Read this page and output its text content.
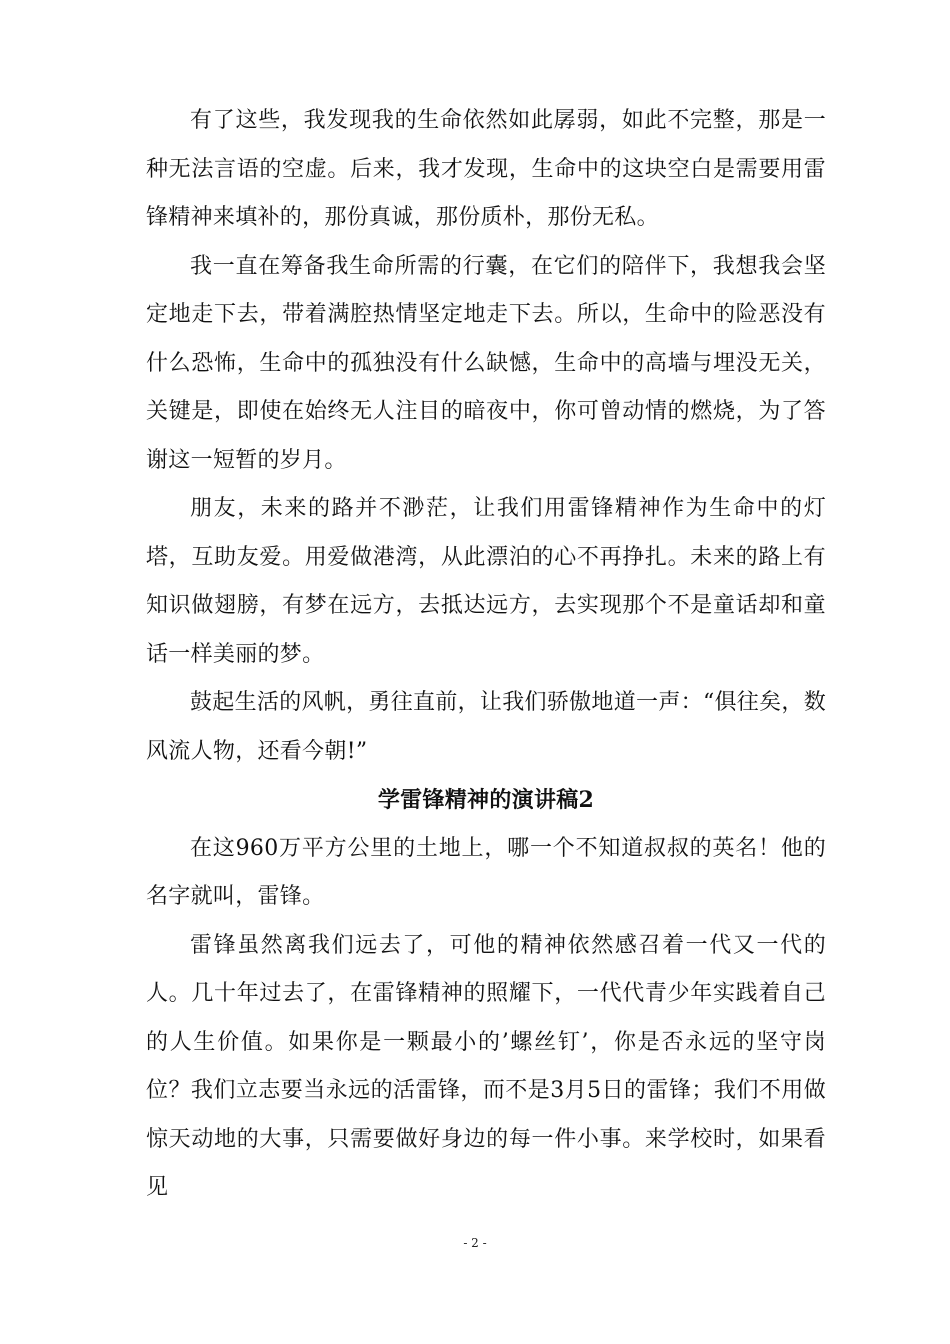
有了这些，我发现我的生命依然如此孱弱，如此不完整，那是一种无法言语的空虚。后来，我才发现，生命中的这块空白是需要用雷锋精神来填补的，那份真诚，那份质朴，那份无私。

我一直在筹备我生命所需的行囊，在它们的陪伴下，我想我会坚定地走下去，带着满腔热情坚定地走下去。所以，生命中的险恶没有什么恐怖，生命中的孤独没有什么缺憾，生命中的高墙与埋没无关，关键是，即使在始终无人注目的暗夜中，你可曾动情的燃烧，为了答谢这一短暂的岁月。

朋友，未来的路并不渺茫，让我们用雷锋精神作为生命中的灯塔，互助友爱。用爱做港湾，从此漂泊的心不再挣扎。未来的路上有知识做翅膀，有梦在远方，去抵达远方，去实现那个不是童话却和童话一样美丽的梦。

鼓起生活的风帆，勇往直前，让我们骄傲地道一声：“俱往矣，数风流人物，还看今朝!”

学雷锋精神的演讲稿2

在这960万平方公里的土地上，哪一个不知道叔叔的英名！他的名字就叫，雷锋。

雷锋虽然离我们远去了，可他的精神依然感召着一代又一代的人。几十年过去了，在雷锋精神的照耀下，一代代青少年实践着自己的人生价值。如果你是一颗最小的’螺丝钉’，你是否永远的坚守岗位？我们立志要当永远的活雷锋，而不是3月5日的雷锋；我们不用做惊天动地的大事，只需要做好身边的每一件小事。来学校时，如果看见

- 2 -
